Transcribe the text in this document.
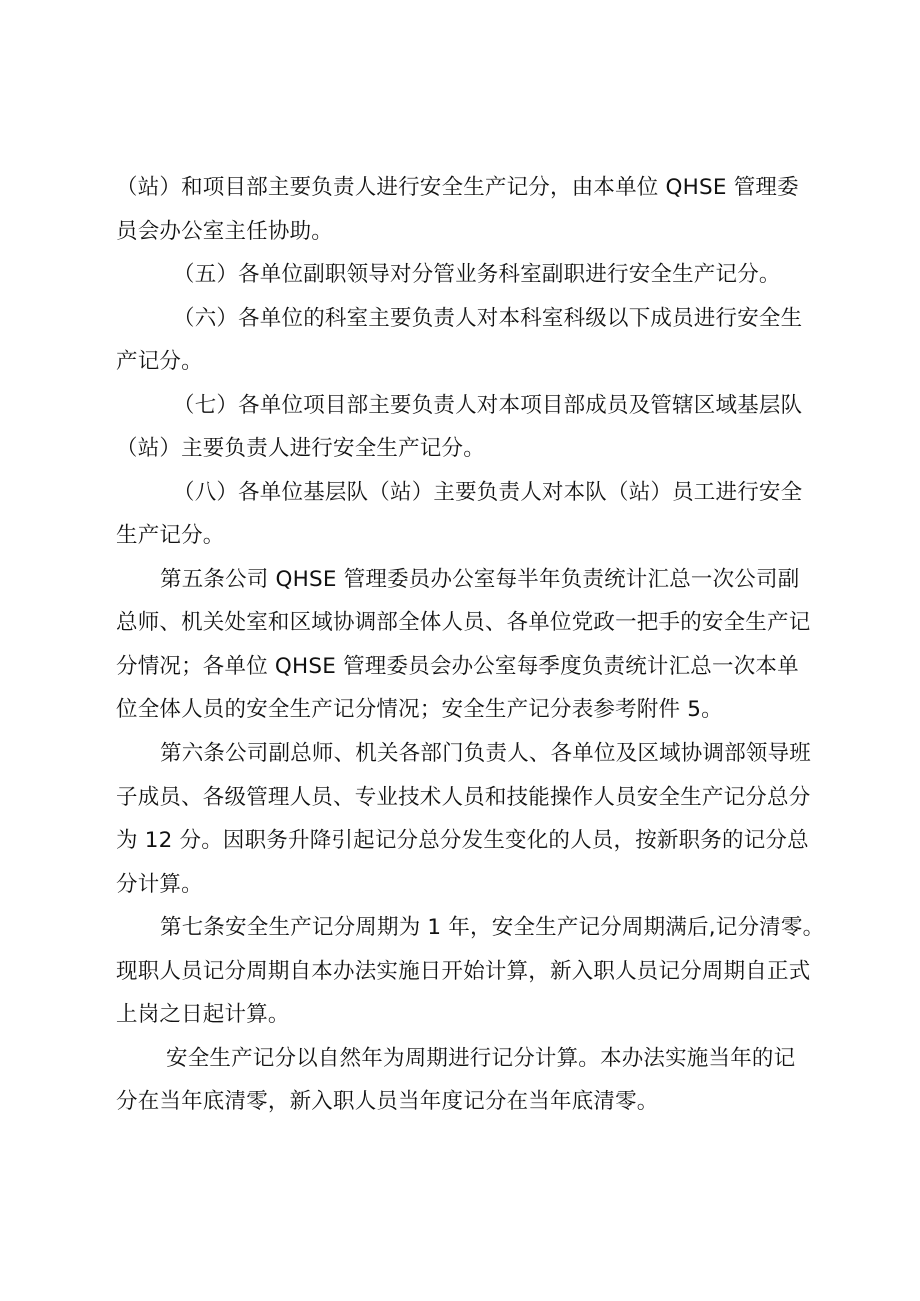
（站）和项目部主要负责人进行安全生产记分，由本单位 QHSE 管理委
员会办公室主任协助。
（五）各单位副职领导对分管业务科室副职进行安全生产记分。
（六）各单位的科室主要负责人对本科室科级以下成员进行安全生
产记分。
（七）各单位项目部主要负责人对本项目部成员及管辖区域基层队
（站）主要负责人进行安全生产记分。
（八）各单位基层队（站）主要负责人对本队（站）员工进行安全
生产记分。
第五条公司 QHSE 管理委员办公室每半年负责统计汇总一次公司副
总师、机关处室和区域协调部全体人员、各单位党政一把手的安全生产记
分情况；各单位 QHSE 管理委员会办公室每季度负责统计汇总一次本单
位全体人员的安全生产记分情况；安全生产记分表参考附件 5。
第六条公司副总师、机关各部门负责人、各单位及区域协调部领导班
子成员、各级管理人员、专业技术人员和技能操作人员安全生产记分总分
为 12 分。因职务升降引起记分总分发生变化的人员，按新职务的记分总
分计算。
第七条安全生产记分周期为 1 年，安全生产记分周期满后,记分清零。
现职人员记分周期自本办法实施日开始计算，新入职人员记分周期自正式
上岗之日起计算。
安全生产记分以自然年为周期进行记分计算。本办法实施当年的记
分在当年底清零，新入职人员当年度记分在当年底清零。
